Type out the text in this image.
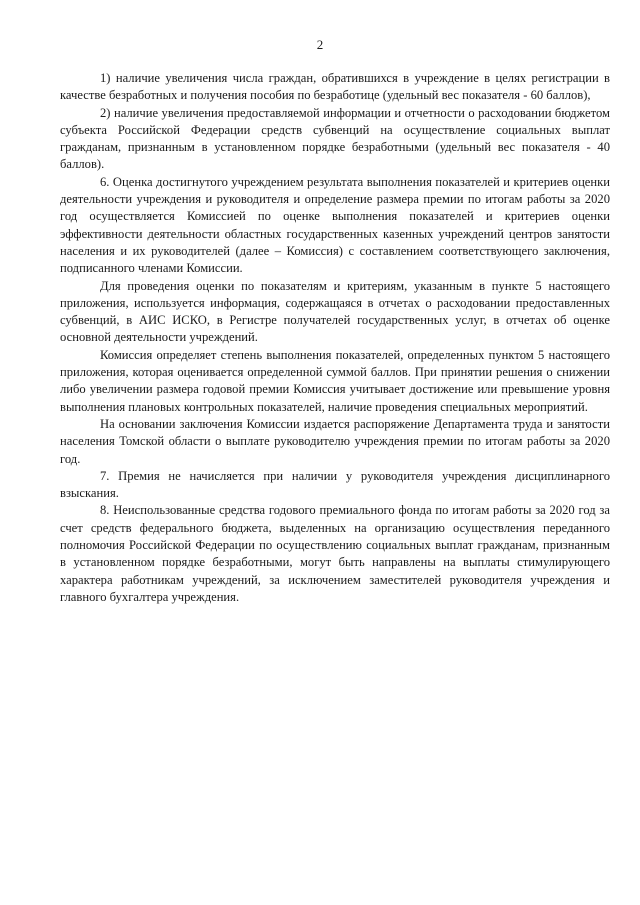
2

1) наличие увеличения числа граждан, обратившихся в учреждение в целях регистрации в качестве безработных и получения пособия по безработице (удельный вес показателя - 60 баллов),

2) наличие увеличения предоставляемой информации и отчетности о расходовании бюджетом субъекта Российской Федерации средств субвенций на осуществление социальных выплат гражданам, признанным в установленном порядке безработными (удельный вес показателя - 40 баллов).

6. Оценка достигнутого учреждением результата выполнения показателей и критериев оценки деятельности учреждения и руководителя и определение размера премии по итогам работы за 2020 год осуществляется Комиссией по оценке выполнения показателей и критериев оценки эффективности деятельности областных государственных казенных учреждений центров занятости населения и их руководителей (далее – Комиссия) с составлением соответствующего заключения, подписанного членами Комиссии.

Для проведения оценки по показателям и критериям, указанным в пункте 5 настоящего приложения, используется информация, содержащаяся в отчетах о расходовании предоставленных субвенций, в АИС ИСКО, в Регистре получателей государственных услуг, в отчетах об оценке основной деятельности учреждений.

Комиссия определяет степень выполнения показателей, определенных пунктом 5 настоящего приложения, которая оценивается определенной суммой баллов. При принятии решения о снижении либо увеличении размера годовой премии Комиссия учитывает достижение или превышение уровня выполнения плановых контрольных показателей, наличие проведения специальных мероприятий.

На основании заключения Комиссии издается распоряжение Департамента труда и занятости населения Томской области о выплате руководителю учреждения премии по итогам работы за 2020 год.

7. Премия не начисляется при наличии у руководителя учреждения дисциплинарного взыскания.

8. Неиспользованные средства годового премиального фонда по итогам работы за 2020 год за счет средств федерального бюджета, выделенных на организацию осуществления переданного полномочия Российской Федерации по осуществлению социальных выплат гражданам, признанным в установленном порядке безработными, могут быть направлены на выплаты стимулирующего характера работникам учреждений, за исключением заместителей руководителя учреждения и главного бухгалтера учреждения.
